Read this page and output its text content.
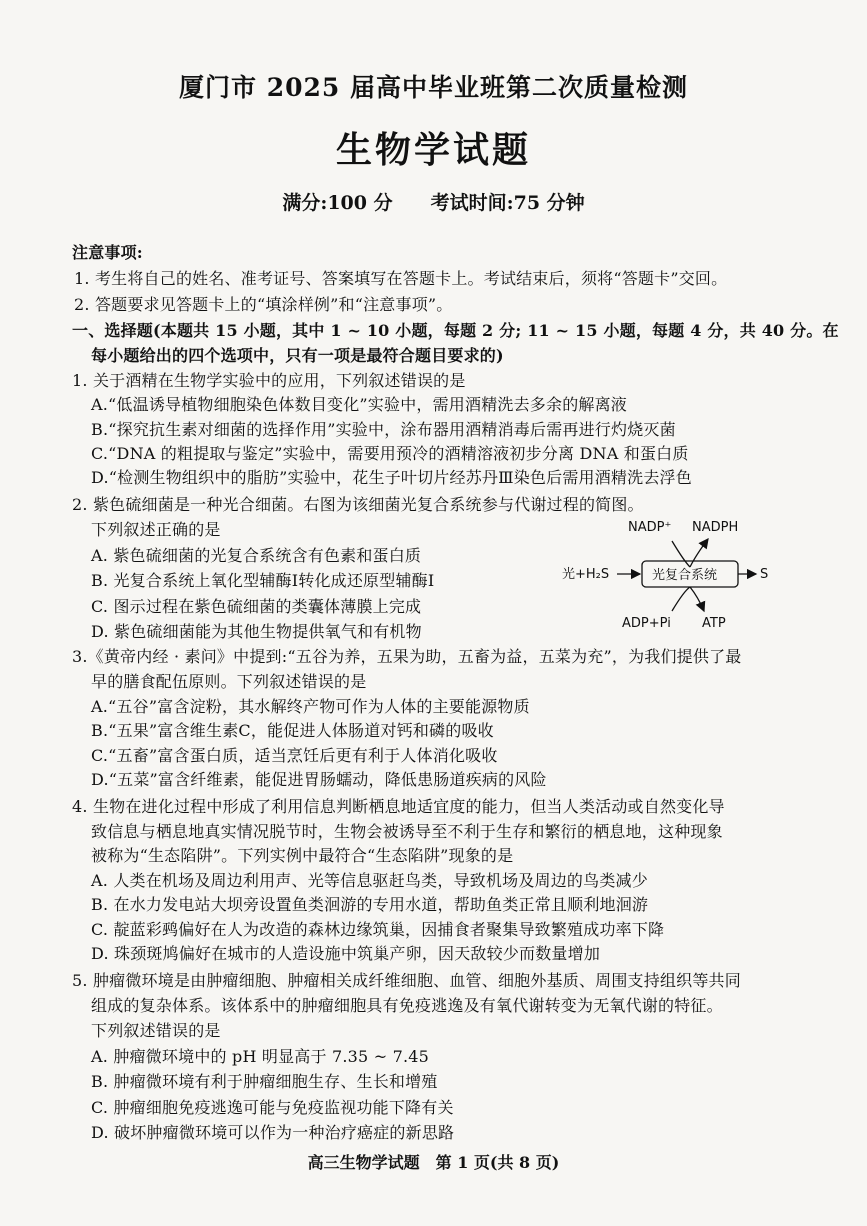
厦门市 2025 届高中毕业班第二次质量检测
生物学试题
满分:100 分　　考试时间:75 分钟
注意事项:
1. 考生将自己的姓名、准考证号、答案填写在答题卡上。考试结束后，须将“答题卡”交回。
2. 答题要求见答题卡上的“填涂样例”和“注意事项”。
一、选择题(本题共 15 小题，其中 1 ~ 10 小题，每题 2 分; 11 ~ 15 小题，每题 4 分，共 40 分。在
每小题给出的四个选项中，只有一项是最符合题目要求的)
1. 关于酒精在生物学实验中的应用，下列叙述错误的是
A.“低温诱导植物细胞染色体数目变化”实验中，需用酒精洗去多余的解离液
B.“探究抗生素对细菌的选择作用”实验中，涂布器用酒精消毒后需再进行灼烧灭菌
C.“DNA 的粗提取与鉴定”实验中，需要用预冷的酒精溶液初步分离 DNA 和蛋白质
D.“检测生物组织中的脂肪”实验中，花生子叶切片经苏丹Ⅲ染色后需用酒精洗去浮色
2. 紫色硫细菌是一种光合细菌。右图为该细菌光复合系统参与代谢过程的简图。
下列叙述正确的是
A. 紫色硫细菌的光复合系统含有色素和蛋白质
B. 光复合系统上氧化型辅酶Ⅰ转化成还原型辅酶Ⅰ
C. 图示过程在紫色硫细菌的类囊体薄膜上完成
D. 紫色硫细菌能为其他生物提供氧气和有机物
NADP⁺ NADPH
光+H₂S	光复合系统	S
ADP+Pi ATP
3.《黄帝内经 · 素问》中提到:“五谷为养，五果为助，五畜为益，五菜为充”，为我们提供了最
早的膳食配伍原则。下列叙述错误的是
A.“五谷”富含淀粉，其水解终产物可作为人体的主要能源物质
B.“五果”富含维生素C，能促进人体肠道对钙和磷的吸收
C.“五畜”富含蛋白质，适当烹饪后更有利于人体消化吸收
D.“五菜”富含纤维素，能促进胃肠蠕动，降低患肠道疾病的风险
4. 生物在进化过程中形成了利用信息判断栖息地适宜度的能力，但当人类活动或自然变化导
致信息与栖息地真实情况脱节时，生物会被诱导至不利于生存和繁衍的栖息地，这种现象
被称为“生态陷阱”。下列实例中最符合“生态陷阱”现象的是
A. 人类在机场及周边利用声、光等信息驱赶鸟类，导致机场及周边的鸟类减少
B. 在水力发电站大坝旁设置鱼类洄游的专用水道，帮助鱼类正常且顺利地洄游
C. 靛蓝彩鹀偏好在人为改造的森林边缘筑巢，因捕食者聚集导致繁殖成功率下降
D. 珠颈斑鸠偏好在城市的人造设施中筑巢产卵，因天敌较少而数量增加
5. 肿瘤微环境是由肿瘤细胞、肿瘤相关成纤维细胞、血管、细胞外基质、周围支持组织等共同
组成的复杂体系。该体系中的肿瘤细胞具有免疫逃逸及有氧代谢转变为无氧代谢的特征。
下列叙述错误的是
A. 肿瘤微环境中的 pH 明显高于 7.35 ~ 7.45
B. 肿瘤微环境有利于肿瘤细胞生存、生长和增殖
C. 肿瘤细胞免疫逃逸可能与免疫监视功能下降有关
D. 破坏肿瘤微环境可以作为一种治疗癌症的新思路
高三生物学试题　第 1 页(共 8 页)
